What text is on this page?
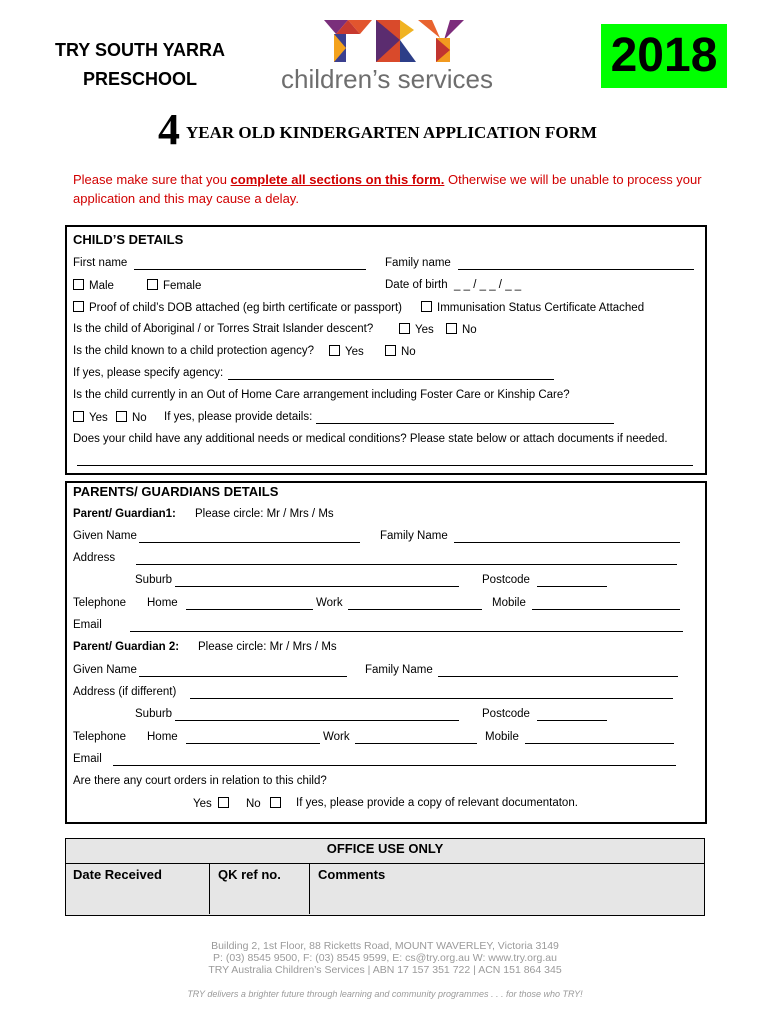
TRY SOUTH YARRA
PRESCHOOL	children’s services 2018
4 YEAR OLD KINDERGARTEN APPLICATION FORM
Please make sure that you complete all sections on this form. Otherwise we will be unable to process your application and this may cause a delay.
CHILD’S DETAILS
First name	Family name
Male	Female	Date of birth _ _ / _ _ / _ _
Proof of child’s DOB attached (eg birth certificate or passport)	Immunisation Status Certificate Attached
Is the child of Aboriginal / or Torres Strait Islander descent?	Yes	No
Is the child known to a child protection agency?	Yes	No
If yes, please specify agency:
Is the child currently in an Out of Home Care arrangement including Foster Care or Kinship Care?
Yes	No If yes, please provide details:
Does your child have any additional needs or medical conditions? Please state below or attach documents if needed.
PARENTS/ GUARDIANS DETAILS
Parent/ Guardian1: Please circle: Mr / Mrs / Ms
Given Name	Family Name
Address
Suburb	Postcode
Telephone Home	Work	Mobile
Email
Parent/ Guardian 2: Please circle: Mr / Mrs / Ms
Given Name	Family Name
Address (if different)
Suburb	Postcode
Telephone Home	Work	Mobile
Email
Are there any court orders in relation to this child?
Yes	No	If yes, please provide a copy of relevant documentaton.
OFFICE USE ONLY
Date Received	QK ref no.	Comments
Building 2, 1st Floor, 88 Ricketts Road, MOUNT WAVERLEY, Victoria 3149
P: (03) 8545 9500, F: (03) 8545 9599, E: cs@try.org.au W: www.try.org.au
TRY Australia Children’s Services | ABN 17 157 351 722 | ACN 151 864 345
TRY delivers a brighter future through learning and community programmes . . . for those who TRY!
